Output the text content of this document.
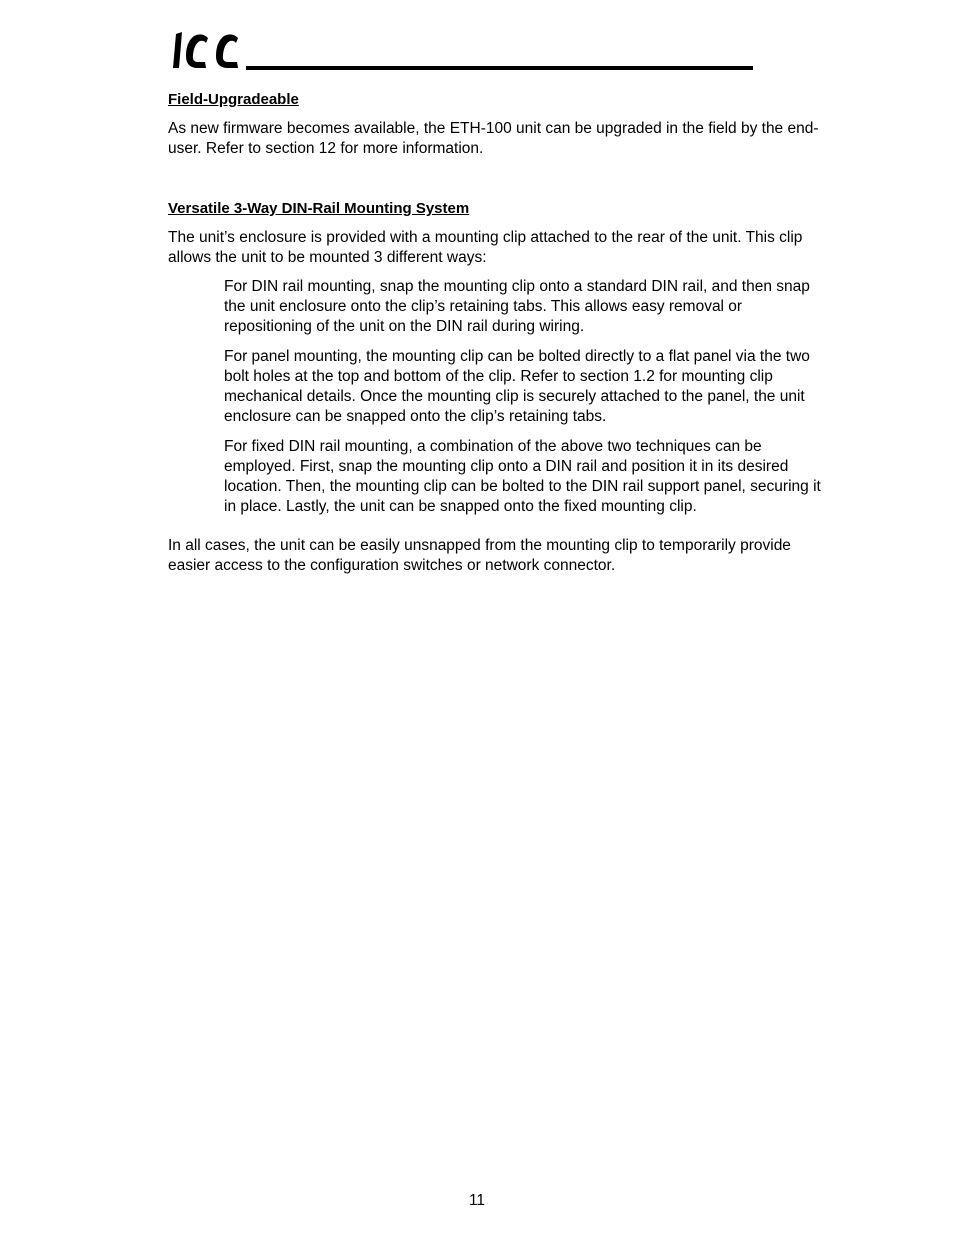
Field-Upgradeable

As new firmware becomes available, the ETH-100 unit can be upgraded in the field by the end-user. Refer to section 12 for more information.

Versatile 3-Way DIN-Rail Mounting System

The unit’s enclosure is provided with a mounting clip attached to the rear of the unit. This clip allows the unit to be mounted 3 different ways:

For DIN rail mounting, snap the mounting clip onto a standard DIN rail, and then snap the unit enclosure onto the clip’s retaining tabs. This allows easy removal or repositioning of the unit on the DIN rail during wiring.

For panel mounting, the mounting clip can be bolted directly to a flat panel via the two bolt holes at the top and bottom of the clip. Refer to section 1.2 for mounting clip mechanical details. Once the mounting clip is securely attached to the panel, the unit enclosure can be snapped onto the clip’s retaining tabs.

For fixed DIN rail mounting, a combination of the above two techniques can be employed. First, snap the mounting clip onto a DIN rail and position it in its desired location. Then, the mounting clip can be bolted to the DIN rail support panel, securing it in place. Lastly, the unit can be snapped onto the fixed mounting clip.

In all cases, the unit can be easily unsnapped from the mounting clip to temporarily provide easier access to the configuration switches or network connector.

11
